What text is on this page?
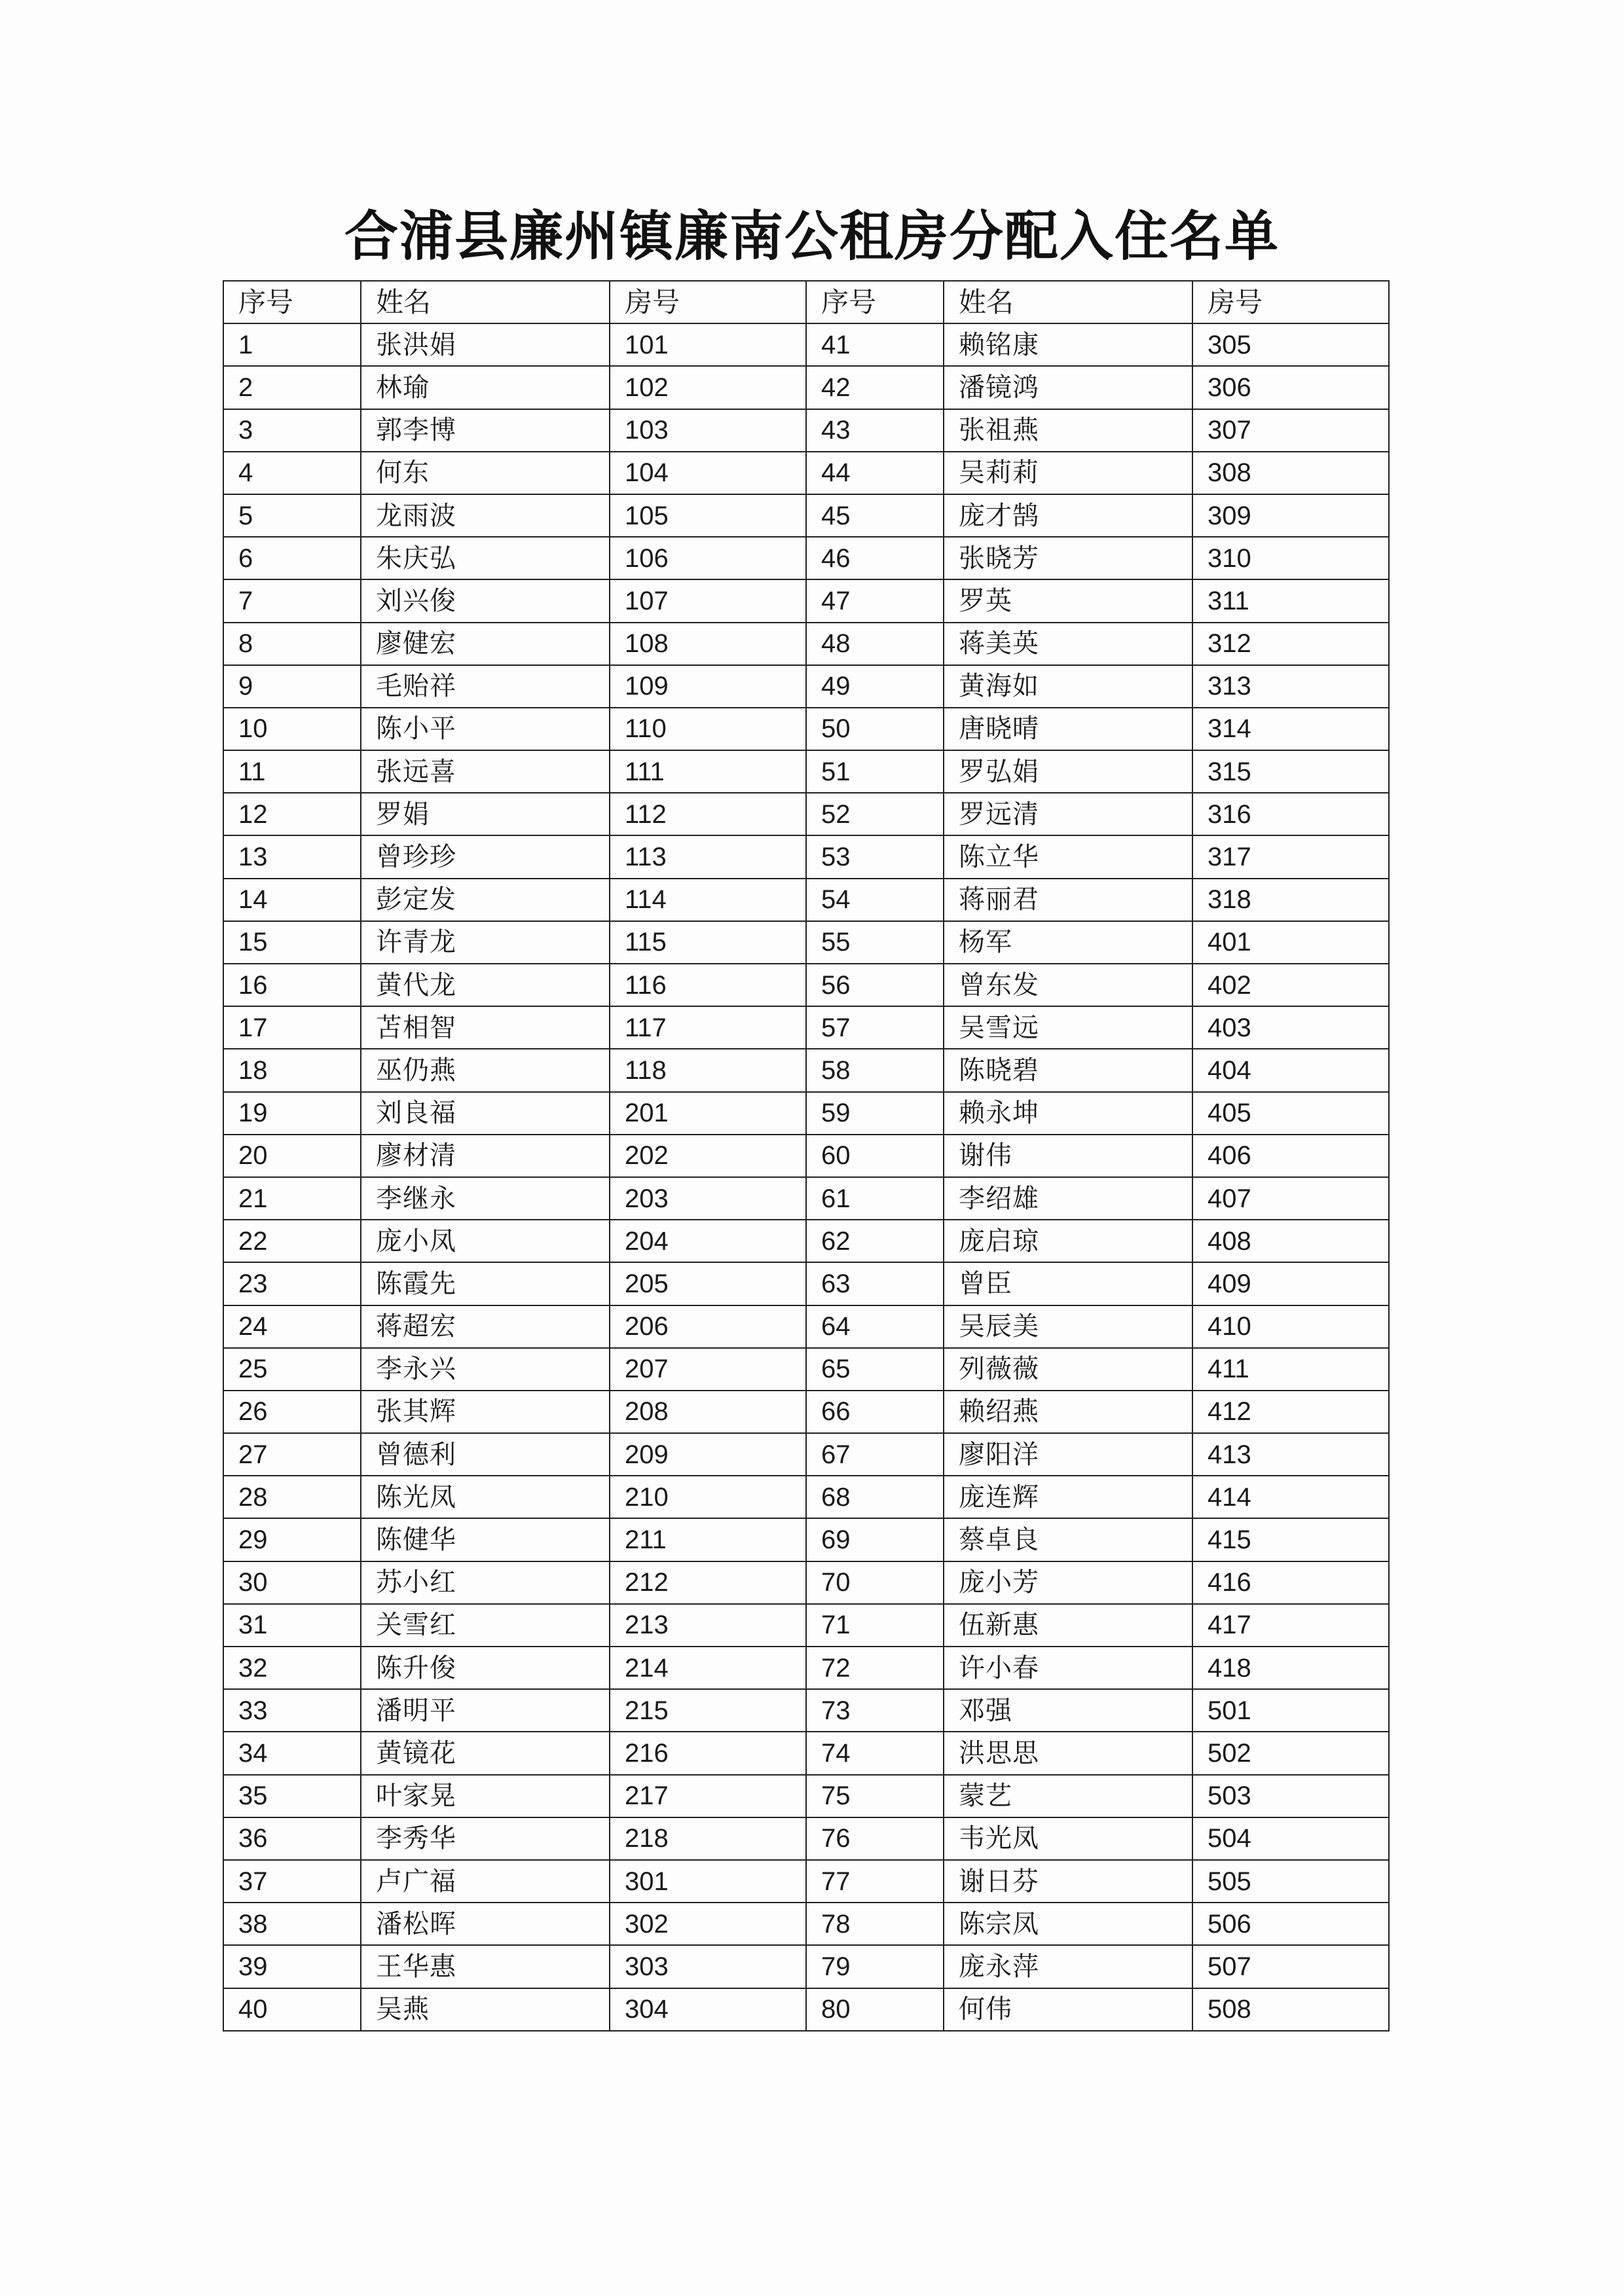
合浦县廉州镇廉南公租房分配入住名单
序号	姓名	房号	序号	姓名	房号
1	张洪娟	101	41	赖铭康	305
2	林瑜	102	42	潘镜鸿	306
3	郭李博	103	43	张祖燕	307
4	何东	104	44	吴莉莉	308
5	龙雨波	105	45	庞才鹄	309
6	朱庆弘	106	46	张晓芳	310
7	刘兴俊	107	47	罗英	311
8	廖健宏	108	48	蒋美英	312
9	毛贻祥	109	49	黄海如	313
10	陈小平	110	50	唐晓晴	314
11	张远喜	111	51	罗弘娟	315
12	罗娟	112	52	罗远清	316
13	曾珍珍	113	53	陈立华	317
14	彭定发	114	54	蒋丽君	318
15	许青龙	115	55	杨军	401
16	黄代龙	116	56	曾东发	402
17	苫相智	117	57	吴雪远	403
18	巫仍燕	118	58	陈晓碧	404
19	刘良福	201	59	赖永坤	405
20	廖材清	202	60	谢伟	406
21	李继永	203	61	李绍雄	407
22	庞小凤	204	62	庞启琼	408
23	陈霞先	205	63	曾臣	409
24	蒋超宏	206	64	吴辰美	410
25	李永兴	207	65	列薇薇	411
26	张其辉	208	66	赖绍燕	412
27	曾德利	209	67	廖阳洋	413
28	陈光凤	210	68	庞连辉	414
29	陈健华	211	69	蔡卓良	415
30	苏小红	212	70	庞小芳	416
31	关雪红	213	71	伍新惠	417
32	陈升俊	214	72	许小春	418
33	潘明平	215	73	邓强	501
34	黄镜花	216	74	洪思思	502
35	叶家晃	217	75	蒙艺	503
36	李秀华	218	76	韦光凤	504
37	卢广福	301	77	谢日芬	505
38	潘松晖	302	78	陈宗凤	506
39	王华惠	303	79	庞永萍	507
40	吴燕	304	80	何伟	508
